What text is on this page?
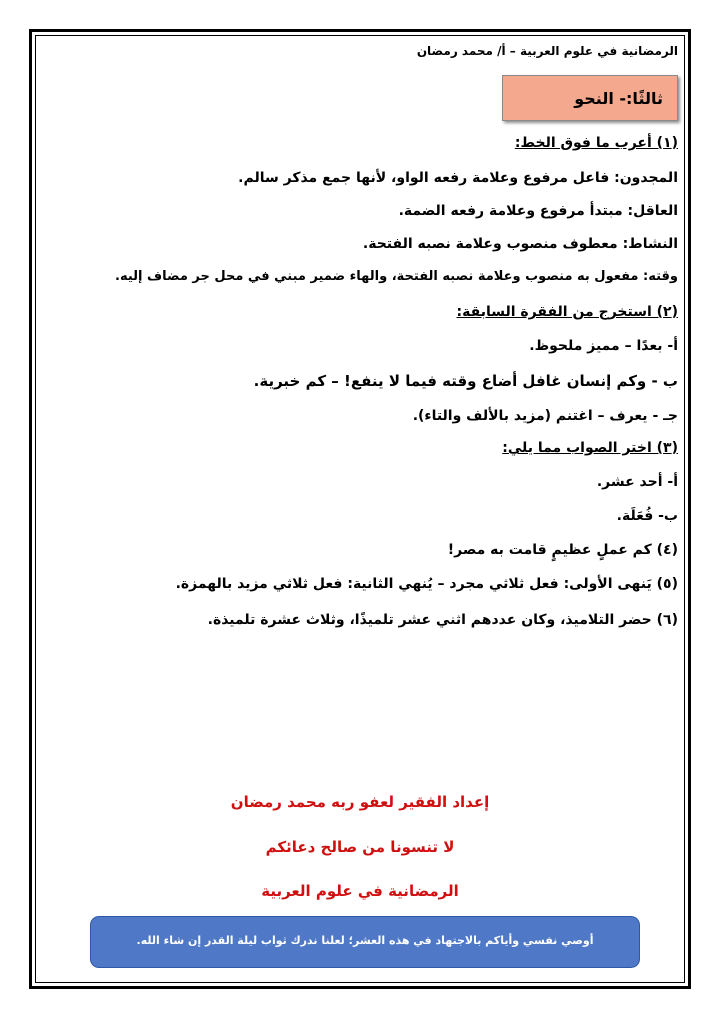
الرمضانية في علوم العربية – أ/ محمد رمضان
ثالثًا:- النحو
(١) أعرب ما فوق الخط:
المجدون: فاعل مرفوع وعلامة رفعه الواو، لأنها جمع مذكر سالم.
العاقل: مبتدأ مرفوع وعلامة رفعه الضمة.
النشاط: معطوف منصوب وعلامة نصبه الفتحة.
وقته: مفعول به منصوب وعلامة نصبه الفتحة، والهاء ضمير مبني في محل جر مضاف إليه.
(٢) استخرج من الفقرة السابقة:
أ- بعدًا – مميز ملحوظ.
ب - وكم إنسان غافل أضاع وقته فيما لا ينفع! – كم خبرية.
جـ - يعرف – اغتنم (مزيد بالألف والتاء).
(٣) اختر الصواب مما يلي:
أ- أحد عشر.
ب- فُعَلَة.
(٤) كم عملٍ عظيمٍ قامت به مصر!
(٥) يَنهى الأولى: فعل ثلاثي مجرد – يُنهي الثانية: فعل ثلاثي مزيد بالهمزة.
(٦) حضر التلاميذ، وكان عددهم اثني عشر تلميذًا، وثلاث عشرة تلميذة.
إعداد الفقير لعفو ربه محمد رمضان
لا تنسونا من صالح دعائكم
الرمضانية في علوم العربية
أوصي نفسي وأياكم بالاجتهاد في هذه العشر؛ لعلنا ندرك ثواب ليلة القدر إن شاء الله.
